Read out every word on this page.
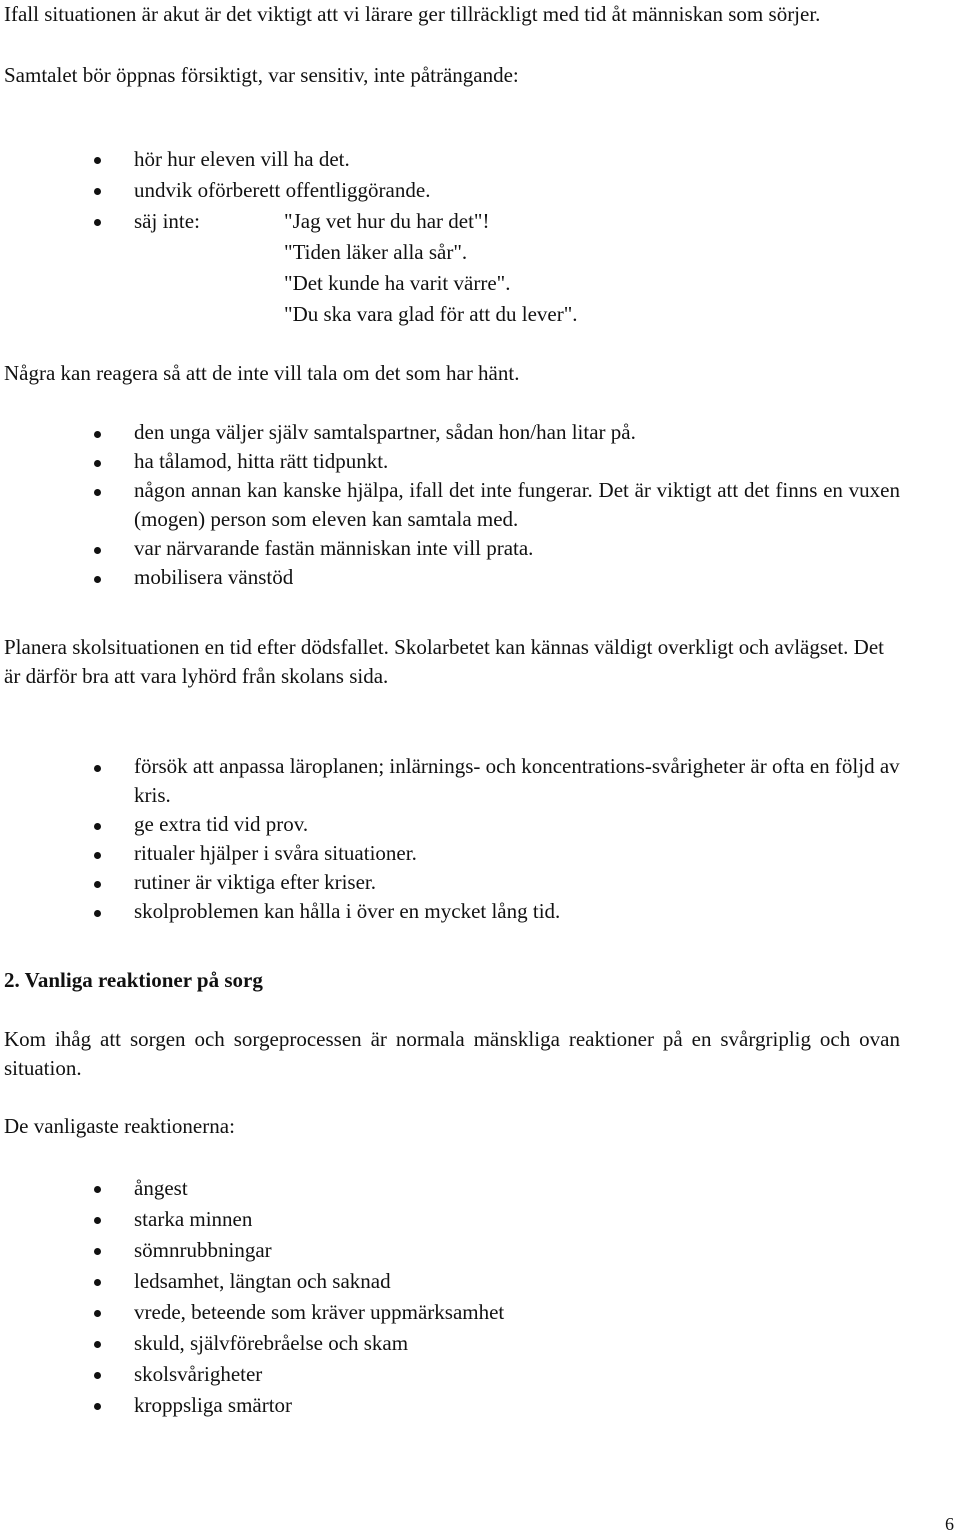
Ifall situationen är akut är det viktigt att vi lärare ger tillräckligt med tid åt människan som sörjer.

Samtalet bör öppnas försiktigt, var sensitiv, inte påträngande:

hör hur eleven vill ha det.
undvik oförberett offentliggörande.
säj inte:	"Jag vet hur du har det"!
"Tiden läker alla sår".
"Det kunde ha varit värre".
"Du ska vara glad för att du lever".

Några kan reagera så att de inte vill tala om det som har hänt.

den unga väljer själv samtalspartner, sådan hon/han litar på.
ha tålamod, hitta rätt tidpunkt.
någon annan kan kanske hjälpa, ifall det inte fungerar. Det är viktigt att det finns en vuxen (mogen) person som eleven kan samtala med.
var närvarande fastän människan inte vill prata.
mobilisera vänstöd

Planera skolsituationen en tid efter dödsfallet. Skolarbetet kan kännas väldigt overkligt och avlägset. Det är därför bra att vara lyhörd från skolans sida.

försök att anpassa läroplanen; inlärnings- och koncentrations-svårigheter är ofta en följd av kris.
ge extra tid vid prov.
ritualer hjälper i svåra situationer.
rutiner är viktiga efter kriser.
skolproblemen kan hålla i över en mycket lång tid.
2. Vanliga reaktioner på sorg

Kom ihåg att sorgen och sorgeprocessen är normala mänskliga reaktioner på en svårgriplig och ovan situation.

De vanligaste reaktionerna:

ångest
starka minnen
sömnrubbningar
ledsamhet, längtan och saknad
vrede, beteende som kräver uppmärksamhet
skuld, självförebråelse och skam
skolsvårigheter
kroppsliga smärtor
6
